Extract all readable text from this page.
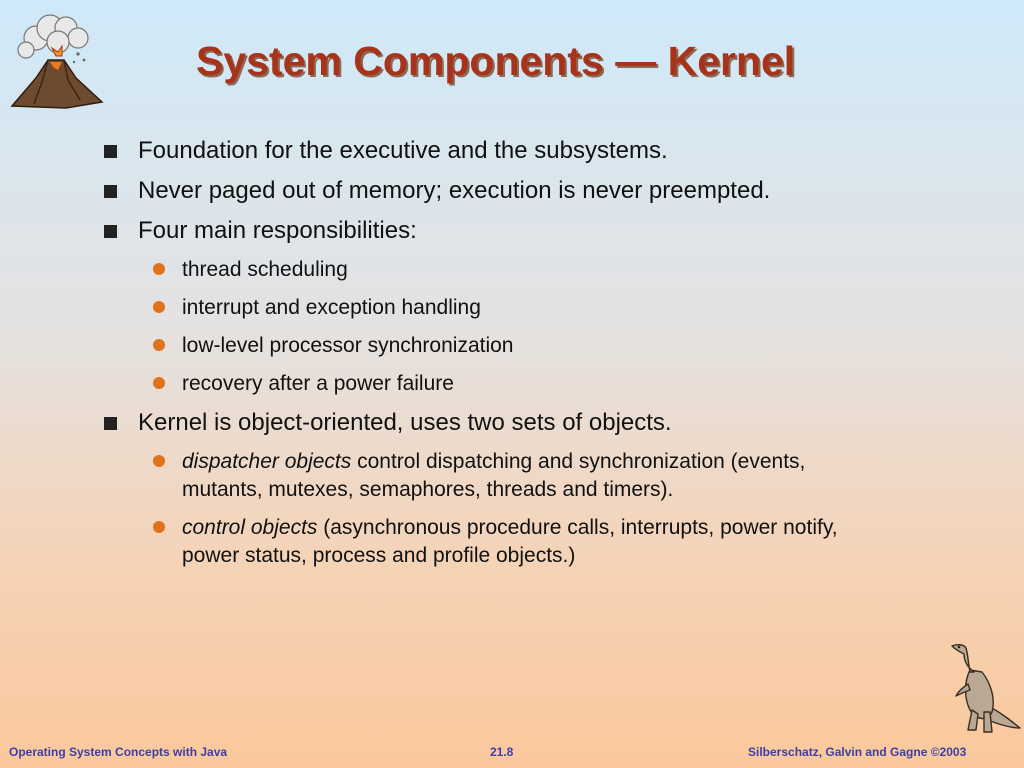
System Components — Kernel

Foundation for the executive and the subsystems.

Never paged out of memory; execution is never preempted.

Four main responsibilities:

thread scheduling

interrupt and exception handling

low-level processor synchronization

recovery after a power failure

Kernel is object-oriented, uses two sets of objects.

dispatcher objects control dispatching and synchronization (events, mutants, mutexes, semaphores, threads and timers).

control objects (asynchronous procedure calls, interrupts, power notify, power status, process and profile objects.)

Operating System Concepts with Java	21.8	Silberschatz, Galvin and Gagne ©2003
